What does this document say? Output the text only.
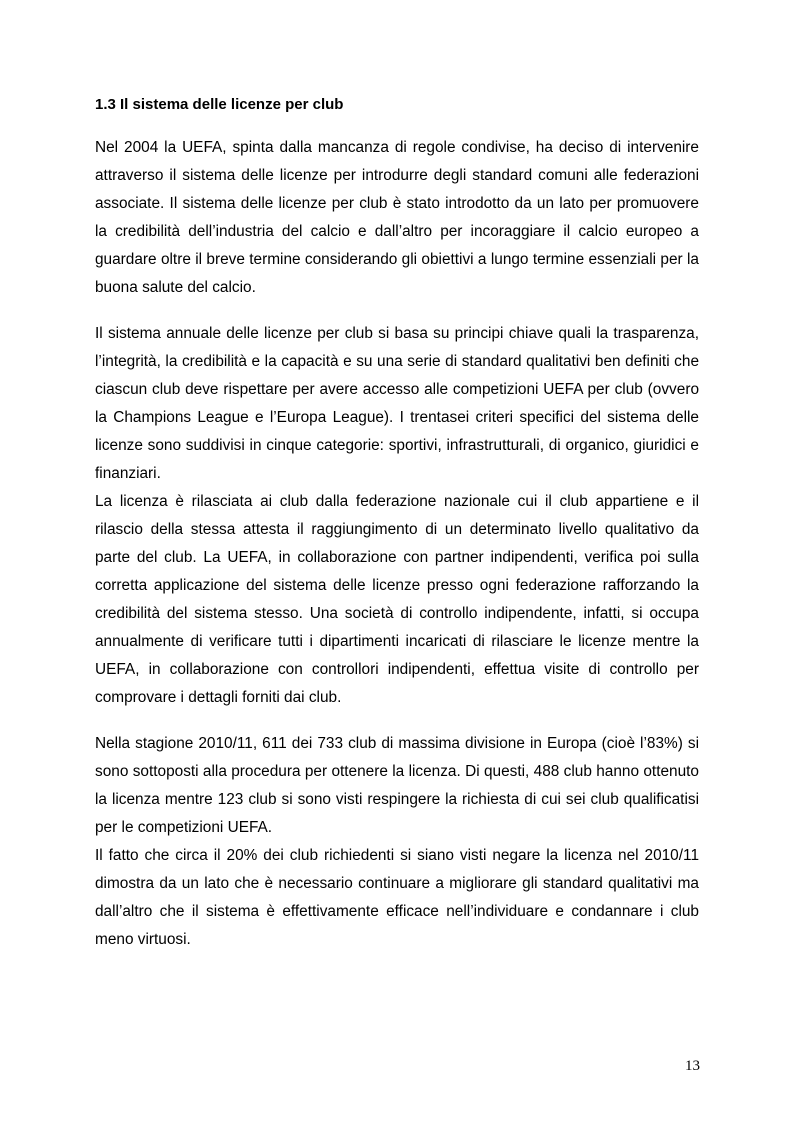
1.3 Il sistema delle licenze per club

Nel 2004 la UEFA, spinta dalla mancanza di regole condivise, ha deciso di intervenire attraverso il sistema delle licenze per introdurre degli standard comuni alle federazioni associate. Il sistema delle licenze per club è stato introdotto da un lato per promuovere la credibilità dell’industria del calcio e dall’altro per incoraggiare il calcio europeo a guardare oltre il breve termine considerando gli obiettivi a lungo termine essenziali per la buona salute del calcio.

Il sistema annuale delle licenze per club si basa su principi chiave quali la trasparenza, l’integrità, la credibilità e la capacità e su una serie di standard qualitativi ben definiti che ciascun club deve rispettare per avere accesso alle competizioni UEFA per club (ovvero la Champions League e l’Europa League). I trentasei criteri specifici del sistema delle licenze sono suddivisi in cinque categorie: sportivi, infrastrutturali, di organico, giuridici e finanziari.

La licenza è rilasciata ai club dalla federazione nazionale cui il club appartiene e il rilascio della stessa attesta il raggiungimento di un determinato livello qualitativo da parte del club. La UEFA, in collaborazione con partner indipendenti, verifica poi sulla corretta applicazione del sistema delle licenze presso ogni federazione rafforzando la credibilità del sistema stesso. Una società di controllo indipendente, infatti, si occupa annualmente di verificare tutti i dipartimenti incaricati di rilasciare le licenze mentre la UEFA, in collaborazione con controllori indipendenti, effettua visite di controllo per comprovare i dettagli forniti dai club.

Nella stagione 2010/11, 611 dei 733 club di massima divisione in Europa (cioè l’83%) si sono sottoposti alla procedura per ottenere la licenza. Di questi, 488 club hanno ottenuto la licenza mentre 123 club si sono visti respingere la richiesta di cui sei club qualificatisi per le competizioni UEFA.

Il fatto che circa il 20% dei club richiedenti si siano visti negare la licenza nel 2010/11 dimostra da un lato che è necessario continuare a migliorare gli standard qualitativi ma dall’altro che il sistema è effettivamente efficace nell’individuare e condannare i club meno virtuosi.

13
